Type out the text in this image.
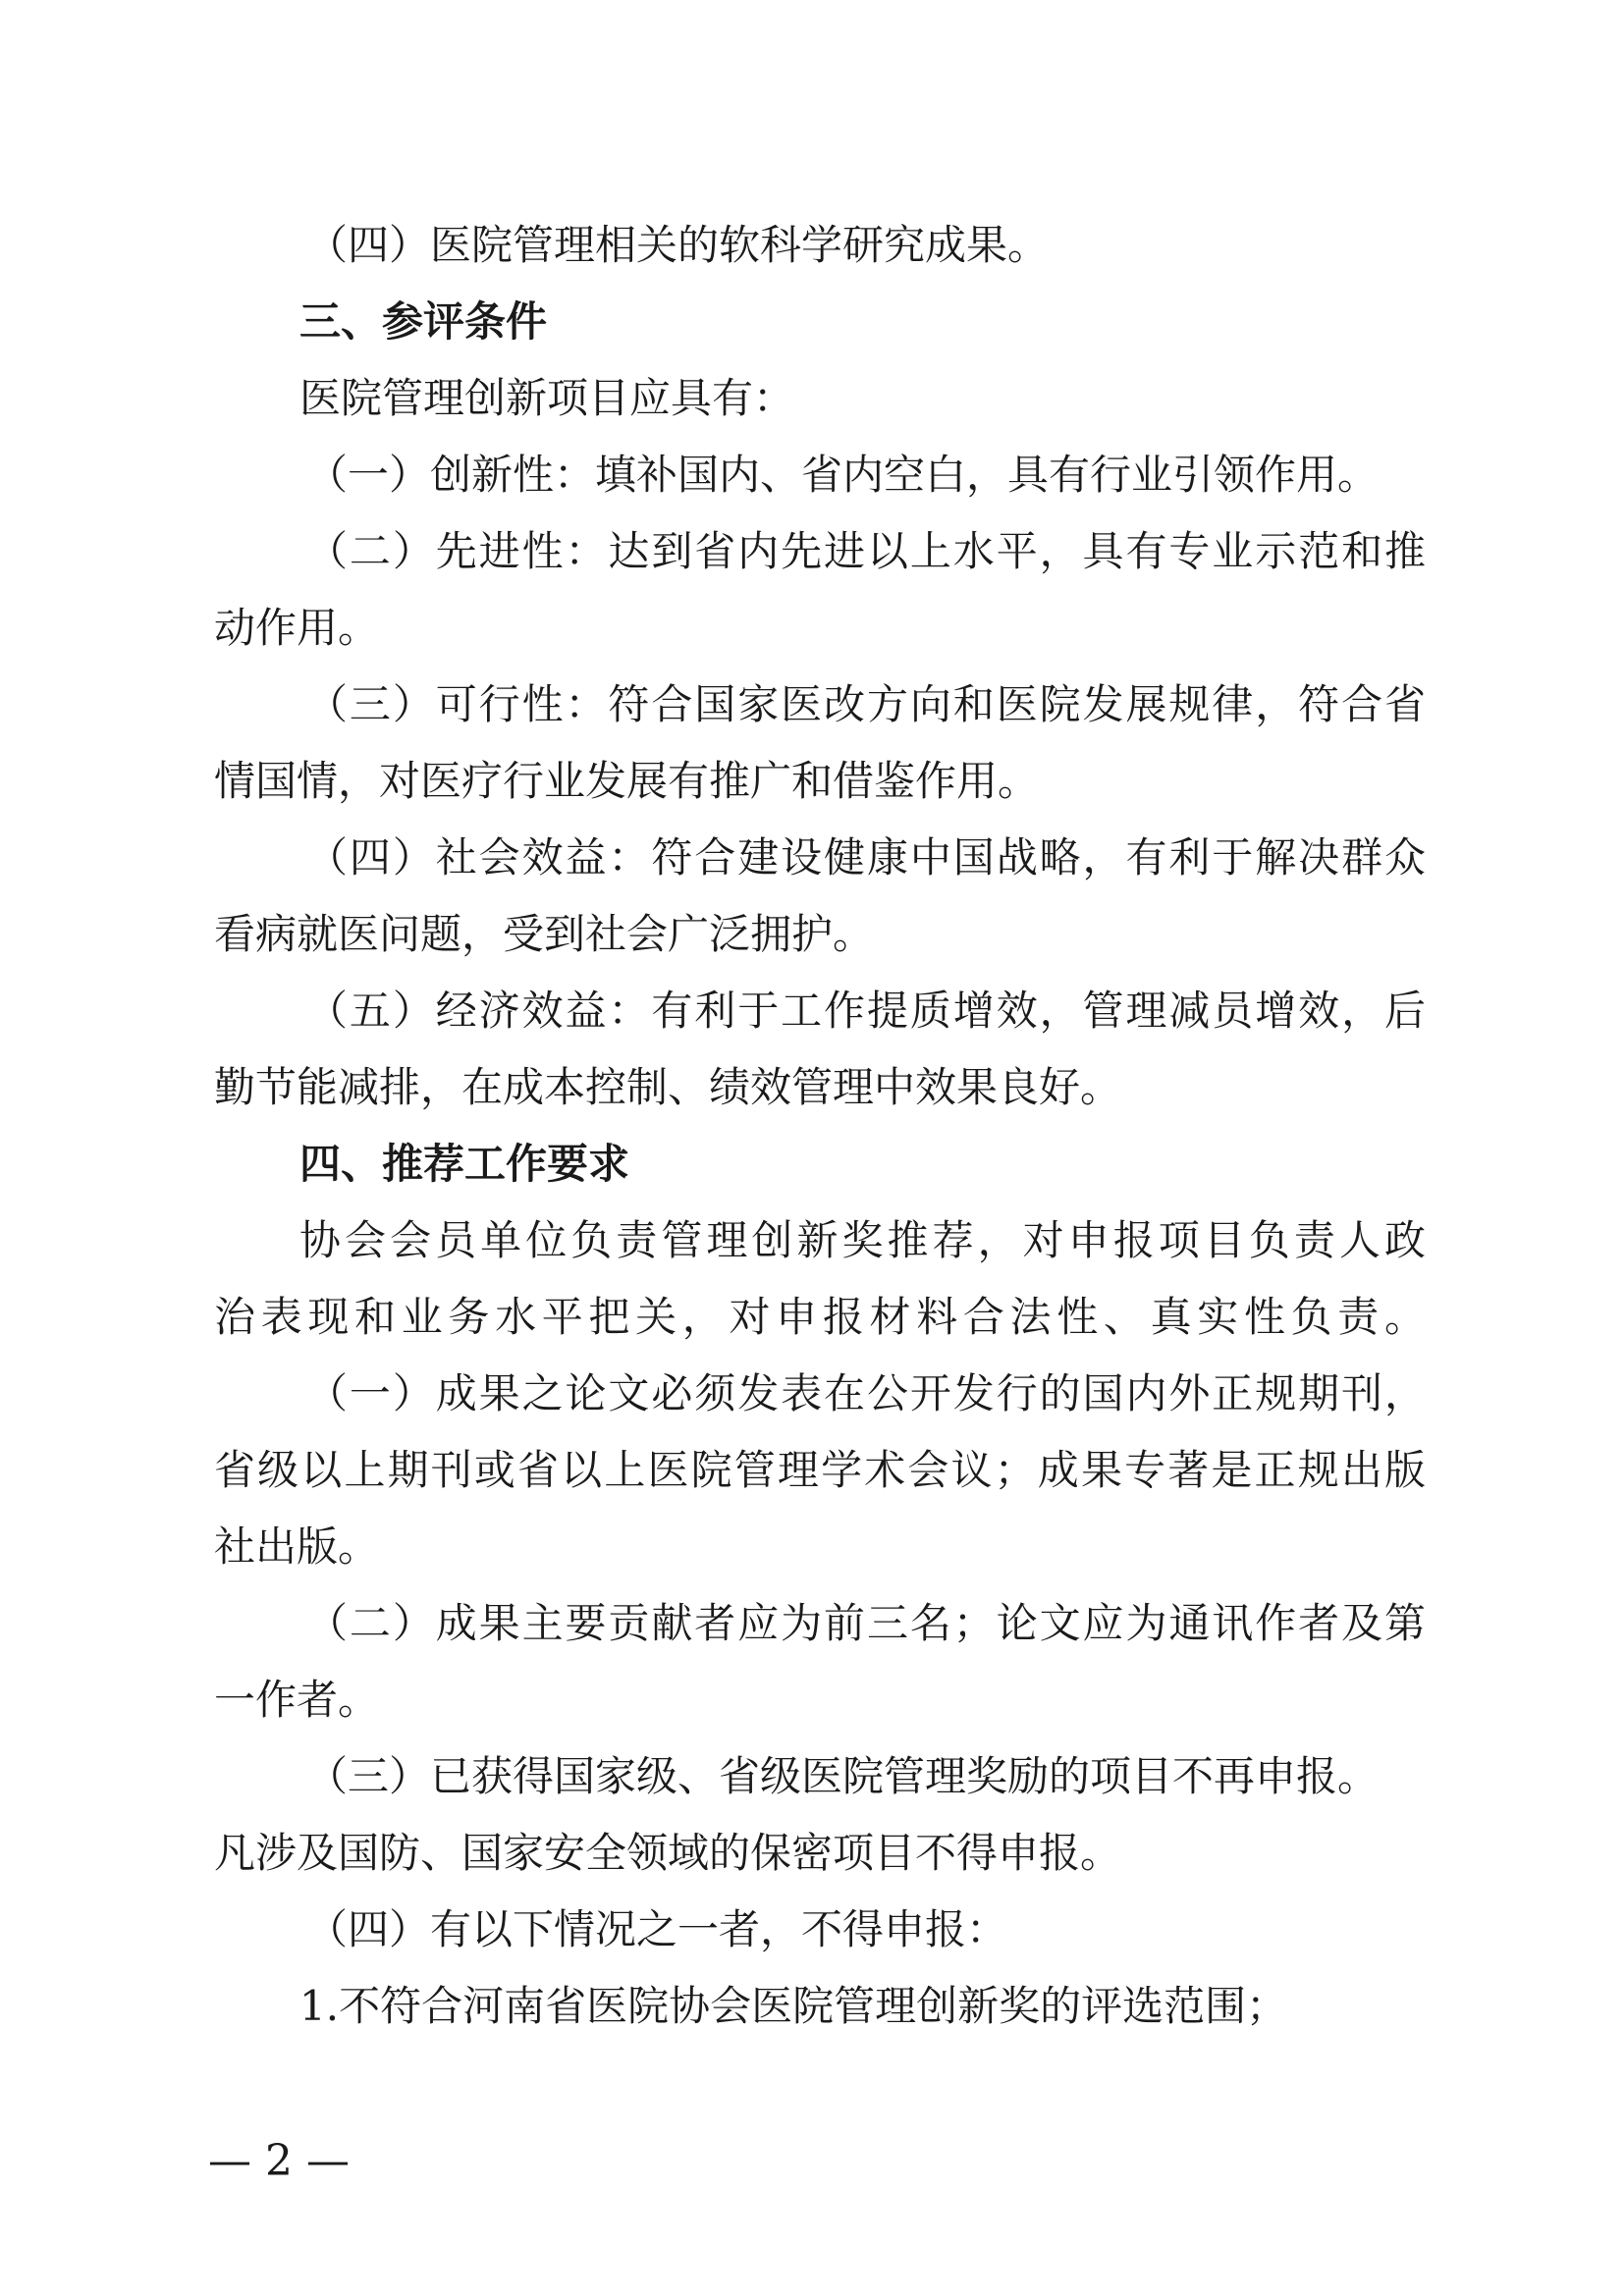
（四）医院管理相关的软科学研究成果。

三、参评条件

医院管理创新项目应具有：

（一）创新性：填补国内、省内空白，具有行业引领作用。

（二）先进性：达到省内先进以上水平，具有专业示范和推

动作用。

（三）可行性：符合国家医改方向和医院发展规律，符合省

情国情，对医疗行业发展有推广和借鉴作用。

（四）社会效益：符合建设健康中国战略，有利于解决群众

看病就医问题，受到社会广泛拥护。

（五）经济效益：有利于工作提质增效，管理减员增效，后

勤节能减排，在成本控制、绩效管理中效果良好。

四、推荐工作要求

协会会员单位负责管理创新奖推荐，对申报项目负责人政

治表现和业务水平把关，对申报材料合法性、真实性负责。

（一）成果之论文必须发表在公开发行的国内外正规期刊，

省级以上期刊或省以上医院管理学术会议；成果专著是正规出版

社出版。

（二）成果主要贡献者应为前三名；论文应为通讯作者及第

一作者。

（三）已获得国家级、省级医院管理奖励的项目不再申报。

凡涉及国防、国家安全领域的保密项目不得申报。

（四）有以下情况之一者，不得申报：

1.不符合河南省医院协会医院管理创新奖的评选范围；

— 2 —
